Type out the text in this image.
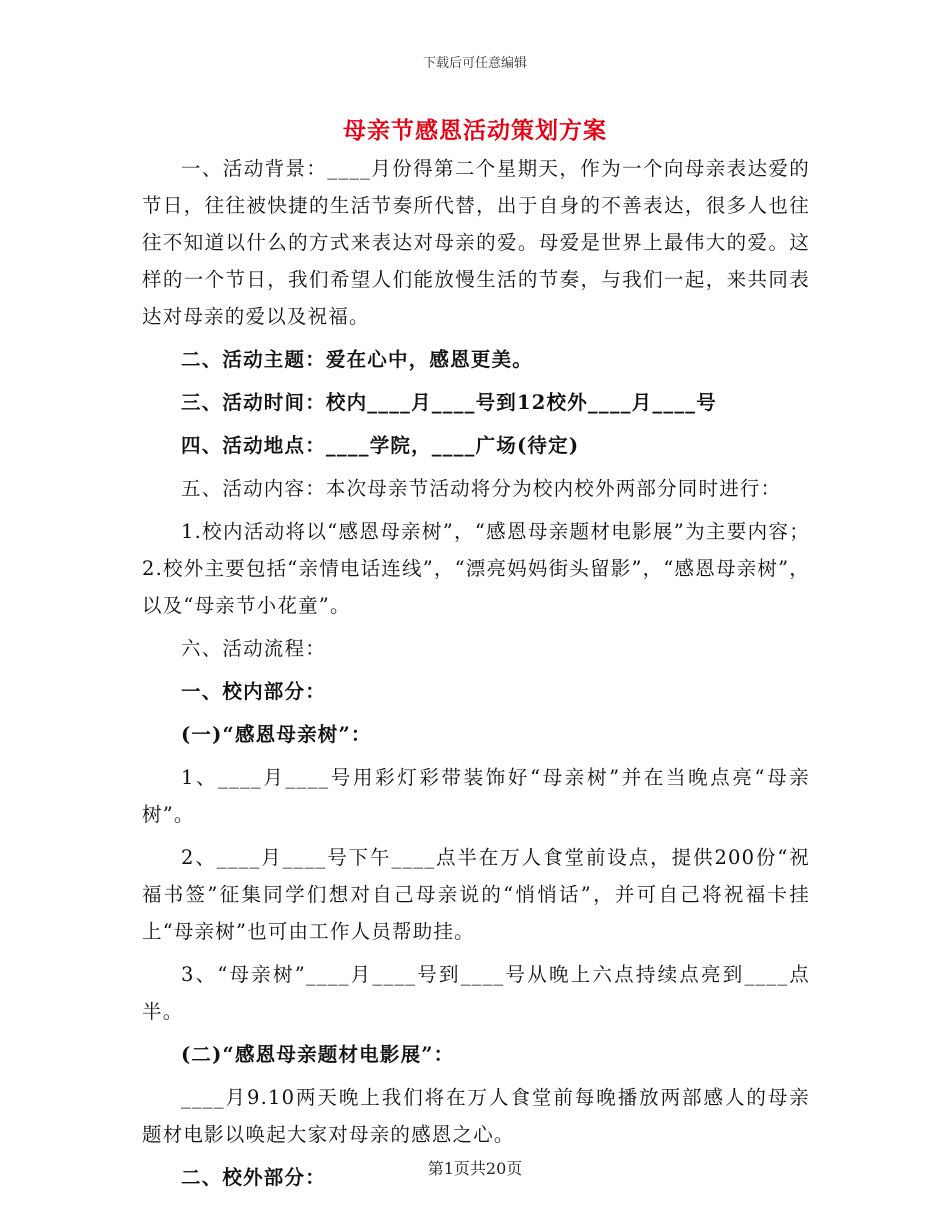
下载后可任意编辑
母亲节感恩活动策划方案

一、活动背景：____月份得第二个星期天，作为一个向母亲表达爱的节日，往往被快捷的生活节奏所代替，出于自身的不善表达，很多人也往往不知道以什么的方式来表达对母亲的爱。母爱是世界上最伟大的爱。这样的一个节日，我们希望人们能放慢生活的节奏，与我们一起，来共同表达对母亲的爱以及祝福。

二、活动主题：爱在心中，感恩更美。

三、活动时间：校内____月____号到12校外____月____号

四、活动地点：____学院，____广场(待定)

五、活动内容：本次母亲节活动将分为校内校外两部分同时进行：

1.校内活动将以“感恩母亲树”，“感恩母亲题材电影展”为主要内容；2.校外主要包括“亲情电话连线”，“漂亮妈妈街头留影”，“感恩母亲树”，以及“母亲节小花童”。

六、活动流程：

一、校内部分：

(一)“感恩母亲树”：

1、____月____号用彩灯彩带装饰好“母亲树”并在当晚点亮“母亲树”。

2、____月____号下午____点半在万人食堂前设点，提供200份“祝福书签”征集同学们想对自己母亲说的“悄悄话”，并可自己将祝福卡挂上“母亲树”也可由工作人员帮助挂。

3、“母亲树”____月____号到____号从晚上六点持续点亮到____点半。

(二)“感恩母亲题材电影展”：

____月9.10两天晚上我们将在万人食堂前每晚播放两部感人的母亲题材电影以唤起大家对母亲的感恩之心。

二、校外部分：	第1页共20页
